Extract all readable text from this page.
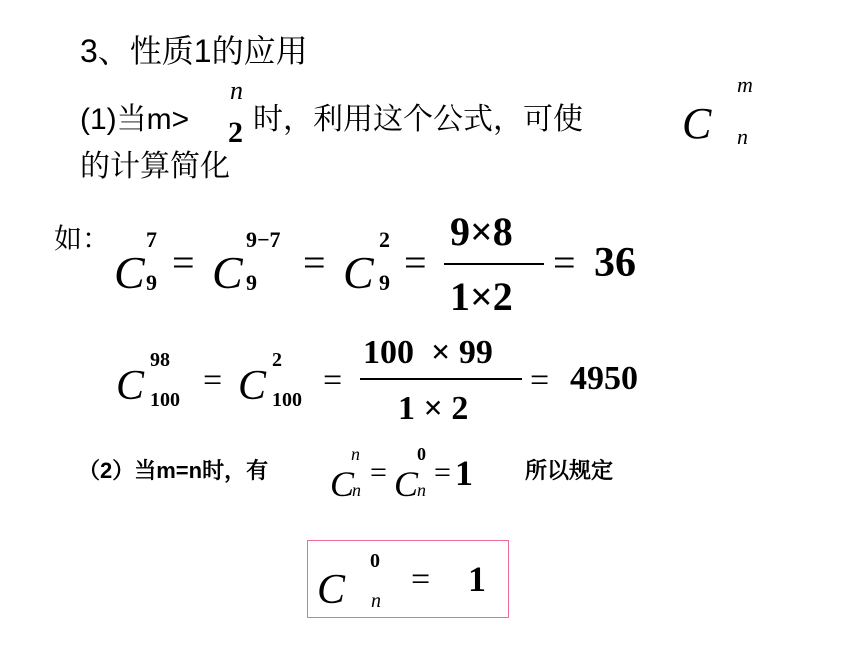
3、性质1的应用
(1)当m>
n
2 时，利用这个公式，可使 C
m
n
的计算简化
如：
C
7
9 = C
9−7
9 = C
2
9 =
9×8
1×2
= 36
C
98
100
= C
2
100
=
100  × 99
1 × 2
= 4950
（2）当m=n时，有 C
n
n
= C
0
n
= 1 所以规定
C
0
n
= 1
